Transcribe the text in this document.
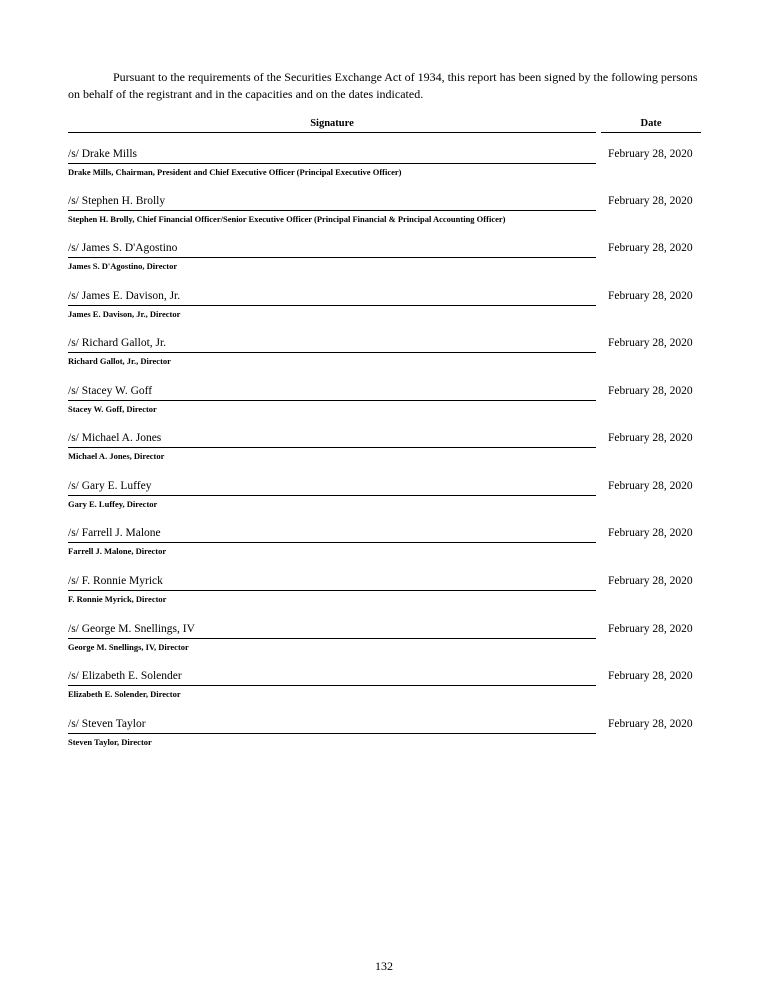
Pursuant to the requirements of the Securities Exchange Act of 1934, this report has been signed by the following persons on behalf of the registrant and in the capacities and on the dates indicated.

Signature	Date
/s/ Drake Mills	February 28, 2020
Drake Mills, Chairman, President and Chief Executive Officer (Principal Executive Officer)
/s/ Stephen H. Brolly	February 28, 2020
Stephen H. Brolly, Chief Financial Officer/Senior Executive Officer (Principal Financial & Principal Accounting Officer)
/s/ James S. D'Agostino	February 28, 2020
James S. D'Agostino, Director
/s/ James E. Davison, Jr.	February 28, 2020
James E. Davison, Jr., Director
/s/ Richard Gallot, Jr.	February 28, 2020
Richard Gallot, Jr., Director
/s/ Stacey W. Goff	February 28, 2020
Stacey W. Goff, Director
/s/ Michael A. Jones	February 28, 2020
Michael A. Jones, Director
/s/ Gary E. Luffey	February 28, 2020
Gary E. Luffey, Director
/s/ Farrell J. Malone	February 28, 2020
Farrell J. Malone, Director
/s/ F. Ronnie Myrick	February 28, 2020
F. Ronnie Myrick, Director
/s/ George M. Snellings, IV	February 28, 2020
George M. Snellings, IV, Director
/s/ Elizabeth E. Solender	February 28, 2020
Elizabeth E. Solender, Director
/s/ Steven Taylor	February 28, 2020
Steven Taylor, Director
132
